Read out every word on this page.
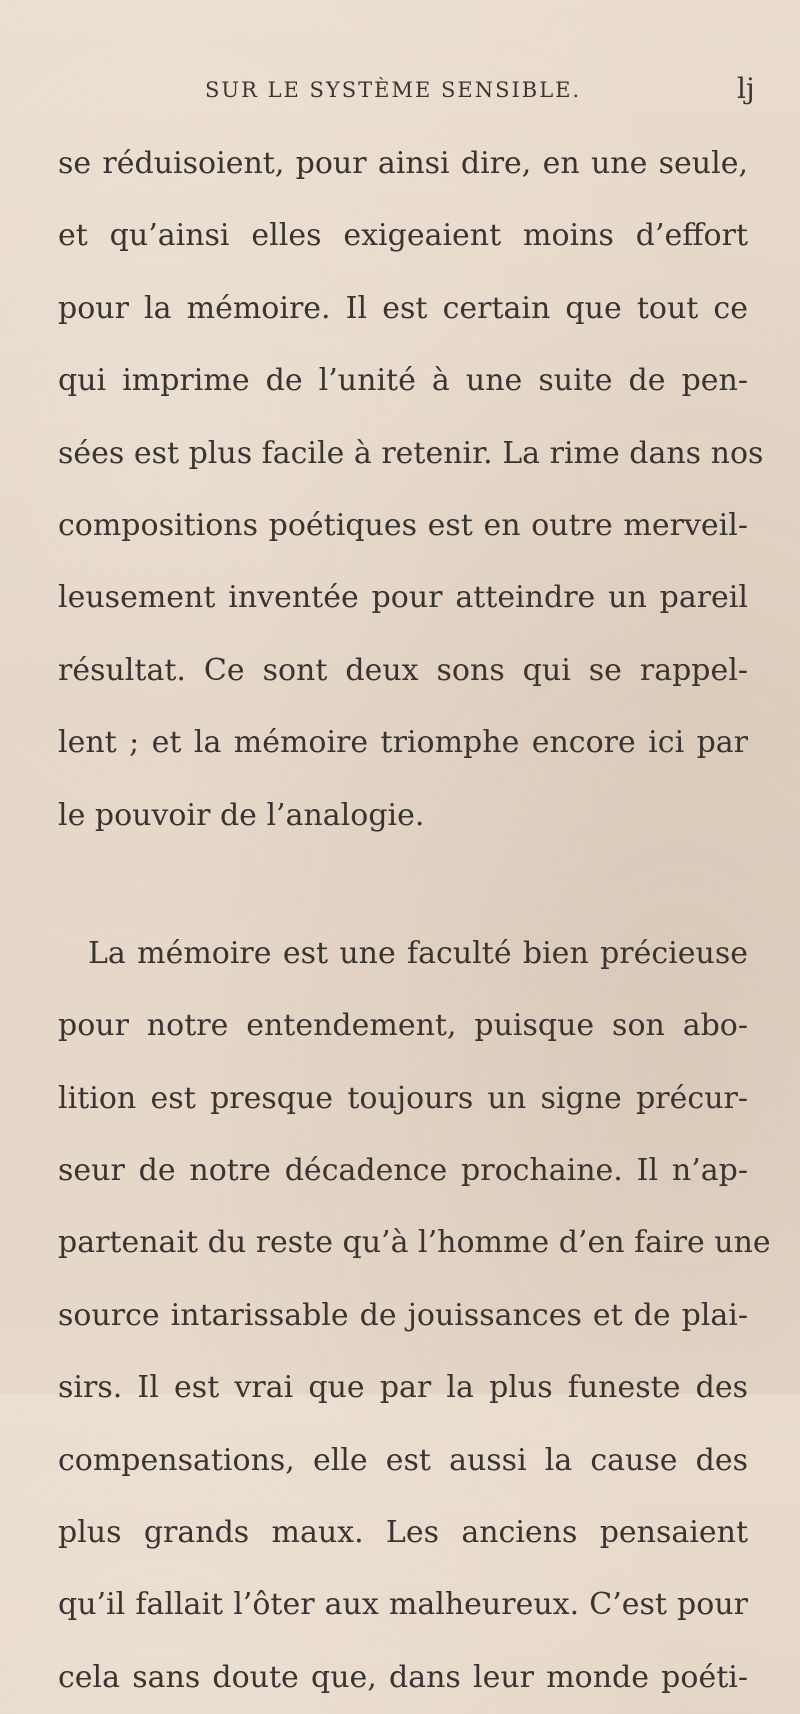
SUR LE SYSTÈME SENSIBLE.	lj
se réduisoient, pour ainsi dire, en une seule,
et qu’ainsi elles exigeaient moins d’effort
pour la mémoire. Il est certain que tout ce
qui imprime de l’unité à une suite de pen-
sées est plus facile à retenir. La rime dans nos
compositions poétiques est en outre merveil-
leusement inventée pour atteindre un pareil
résultat. Ce sont deux sons qui se rappel-
lent ; et la mémoire triomphe encore ici par
le pouvoir de l’analogie.
La mémoire est une faculté bien précieuse
pour notre entendement, puisque son abo-
lition est presque toujours un signe précur-
seur de notre décadence prochaine. Il n’ap-
partenait du reste qu’à l’homme d’en faire une
source intarissable de jouissances et de plai-
sirs. Il est vrai que par la plus funeste des
compensations, elle est aussi la cause des
plus grands maux. Les anciens pensaient
qu’il fallait l’ôter aux malheureux. C’est pour
cela sans doute que, dans leur monde poéti-
